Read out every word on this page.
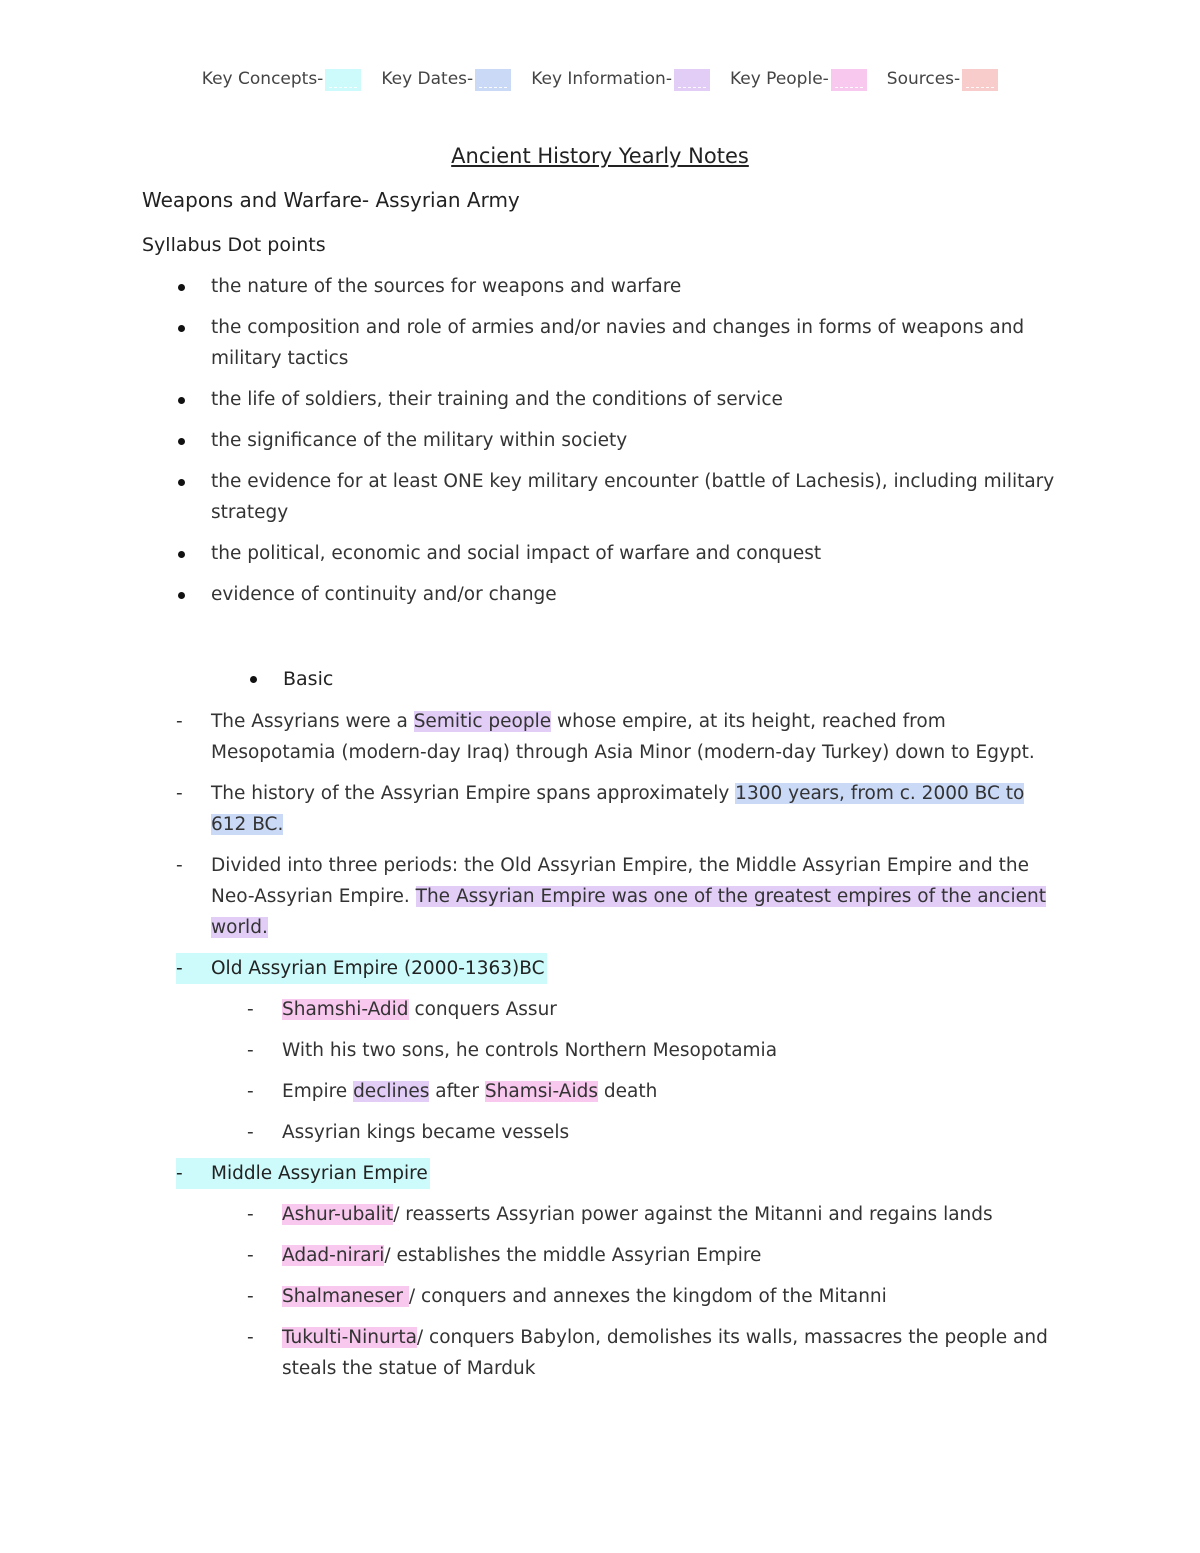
Key Concepts-	Key Dates-	Key Information-	Key People-	Sources-
Ancient History Yearly Notes
Weapons and Warfare- Assyrian Army
Syllabus Dot points
the nature of the sources for weapons and warfare
the composition and role of armies and/or navies and changes in forms of weapons and military tactics
the life of soldiers, their training and the conditions of service
the significance of the military within society
the evidence for at least ONE key military encounter (battle of Lachesis), including military strategy
the political, economic and social impact of warfare and conquest
evidence of continuity and/or change
Basic
- The Assyrians were a Semitic people whose empire, at its height, reached from Mesopotamia (modern-day Iraq) through Asia Minor (modern-day Turkey) down to Egypt.
- The history of the Assyrian Empire spans approximately 1300 years, from c. 2000 BC to 612 BC.
- Divided into three periods: the Old Assyrian Empire, the Middle Assyrian Empire and the Neo-Assyrian Empire. The Assyrian Empire was one of the greatest empires of the ancient world.
- Old Assyrian Empire (2000-1363)BC
- Shamshi-Adid conquers Assur
- With his two sons, he controls Northern Mesopotamia
- Empire declines after Shamsi-Aids death
- Assyrian kings became vessels
- Middle Assyrian Empire
- Ashur-ubalit/ reasserts Assyrian power against the Mitanni and regains lands
- Adad-nirari/ establishes the middle Assyrian Empire
- Shalmaneser / conquers and annexes the kingdom of the Mitanni
- Tukulti-Ninurta/ conquers Babylon, demolishes its walls, massacres the people and steals the statue of Marduk
